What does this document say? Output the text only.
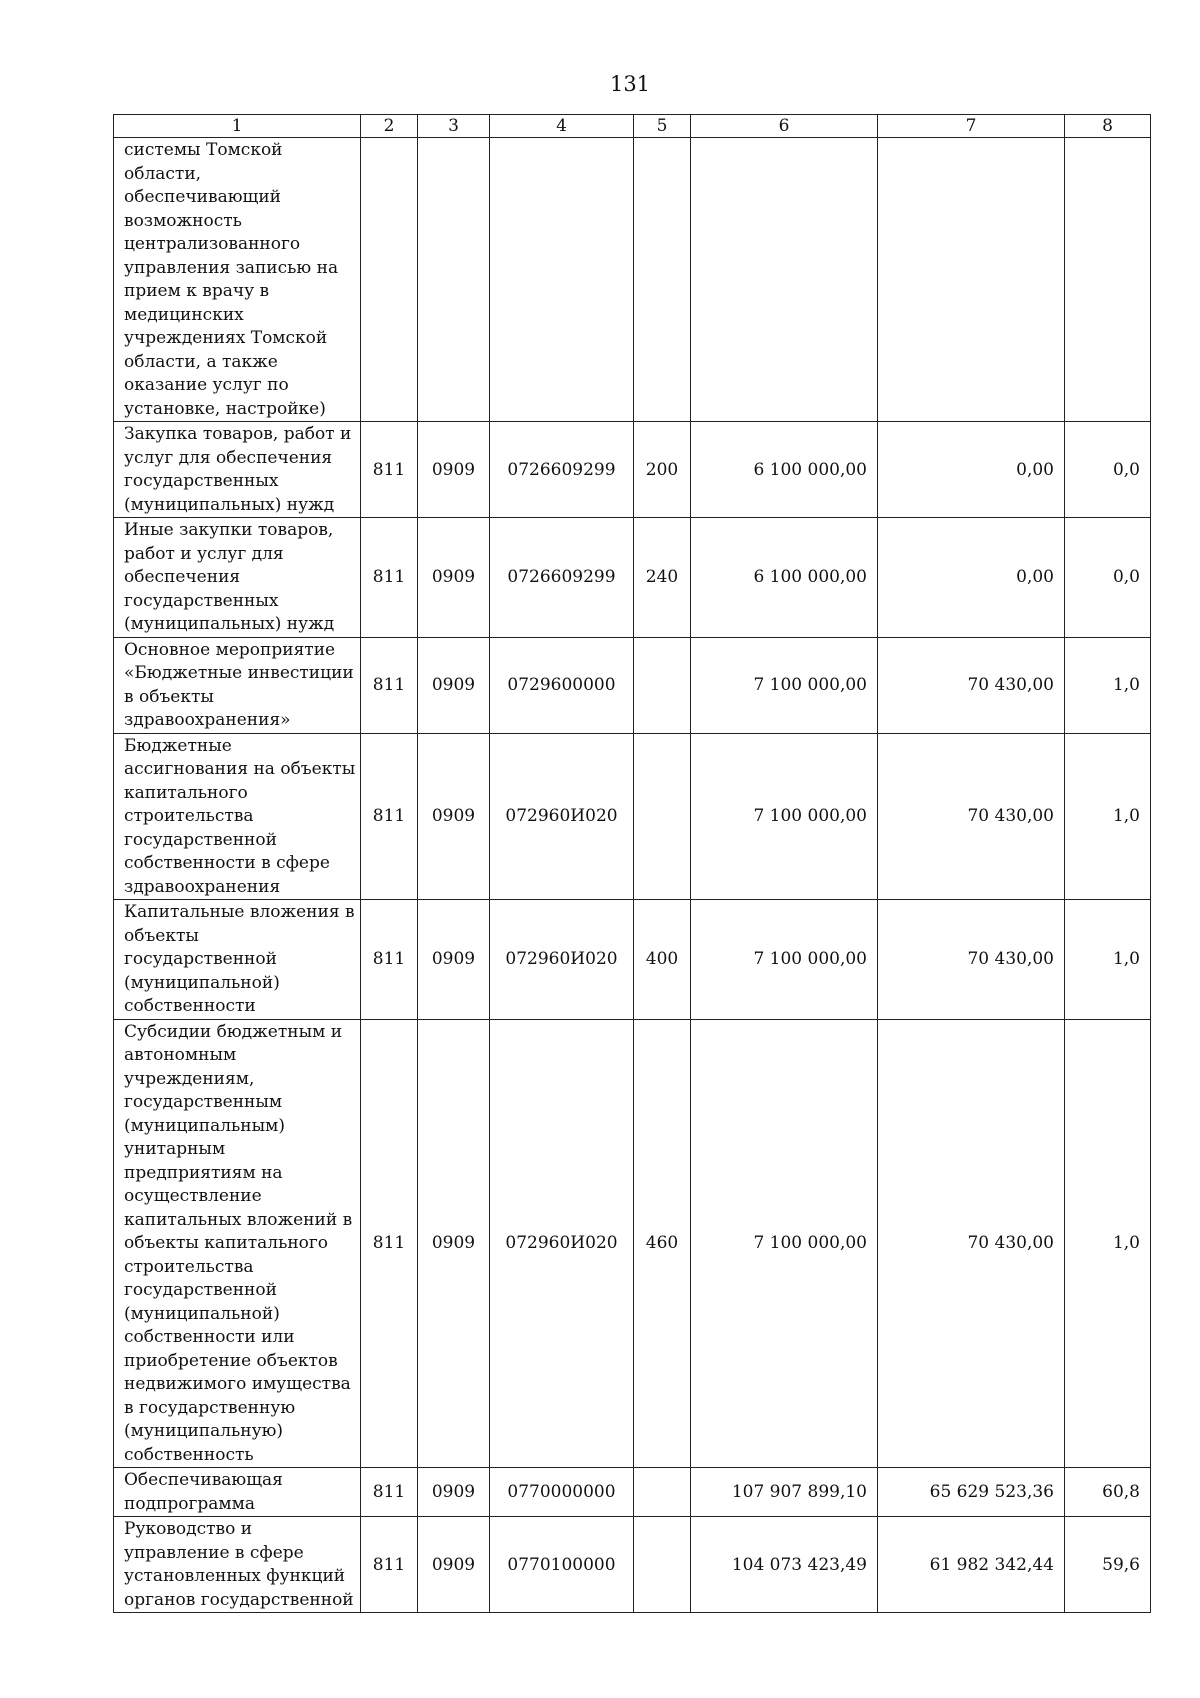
131
1	2	3	4	5	6	7	8
системы Томской области, обеспечивающий возможность централизованного управления записью на прием к врачу в медицинских учреждениях Томской области, а также оказание услуг по установке, настройке)							
Закупка товаров, работ и услуг для обеспечения государственных (муниципальных) нужд	811	0909	0726609299	200	6 100 000,00	0,00	0,0
Иные закупки товаров, работ и услуг для обеспечения государственных (муниципальных) нужд	811	0909	0726609299	240	6 100 000,00	0,00	0,0
Основное мероприятие «Бюджетные инвестиции в объекты здравоохранения»	811	0909	0729600000		7 100 000,00	70 430,00	1,0
Бюджетные ассигнования на объекты капитального строительства государственной собственности в сфере здравоохранения	811	0909	072960И020		7 100 000,00	70 430,00	1,0
Капитальные вложения в объекты государственной (муниципальной) собственности	811	0909	072960И020	400	7 100 000,00	70 430,00	1,0
Субсидии бюджетным и автономным учреждениям, государственным (муниципальным) унитарным предприятиям на осуществление капитальных вложений в объекты капитального строительства государственной (муниципальной) собственности или приобретение объектов недвижимого имущества в государственную (муниципальную) собственность	811	0909	072960И020	460	7 100 000,00	70 430,00	1,0
Обеспечивающая подпрограмма	811	0909	0770000000		107 907 899,10	65 629 523,36	60,8
Руководство и управление в сфере установленных функций органов государственной	811	0909	0770100000		104 073 423,49	61 982 342,44	59,6
